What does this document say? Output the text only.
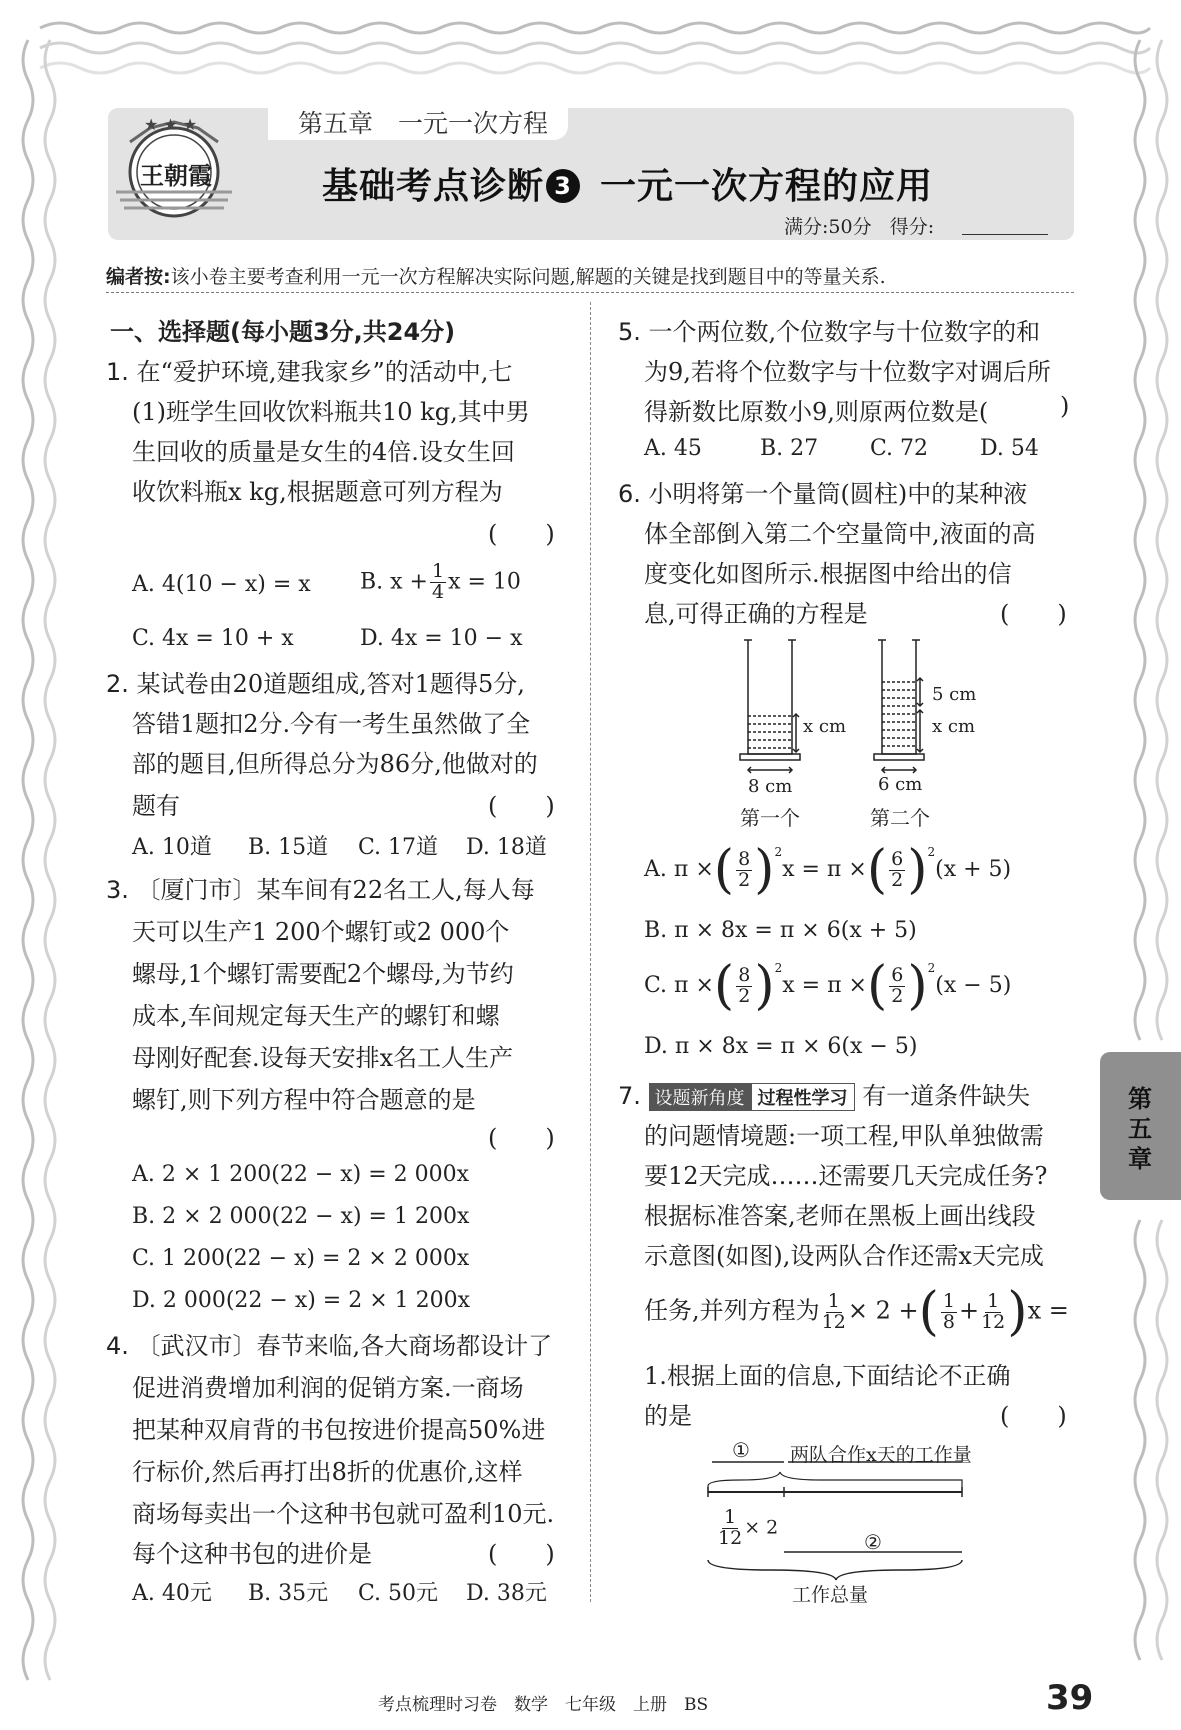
第五章　一元一次方程
★ ★ ★
王朝霞	基础考点诊断 3 一元一次方程的应用
满分:50分 得分:
编者按:该小卷主要考查利用一元一次方程解决实际问题,解题的关键是找到题目中的等量关系.
一、选择题(每小题3分,共24分)
1. 在“爱护环境,建我家乡”的活动中,七
(1)班学生回收饮料瓶共10 kg,其中男
生回收的质量是女生的4倍.设女生回
收饮料瓶x kg,根据题意可列方程为
(　　)
A. 4(10 − x) = x B. $x + \frac{1}{4}$ x = 10
C. 4x = 10 + x	D. 4x = 10 − x
2. 某试卷由20道题组成,答对1题得5分,
答错1题扣2分.今有一考生虽然做了全
部的题目,但所得总分为86分,他做对的
题有	(　　)
A. 10道 B. 15道 C. 17道 D. 18道
3. 〔厦门市〕某车间有22名工人,每人每
天可以生产1 200个螺钉或2 000个
螺母,1个螺钉需要配2个螺母,为节约
成本,车间规定每天生产的螺钉和螺
母刚好配套.设每天安排x名工人生产
螺钉,则下列方程中符合题意的是
(　　)
A. 2 × 1 200(22 − x) = 2 000x
B. 2 × 2 000(22 − x) = 1 200x
C. 1 200(22 − x) = 2 × 2 000x
D. 2 000(22 − x) = 2 × 1 200x
4. 〔武汉市〕春节来临,各大商场都设计了
促进消费增加利润的促销方案.一商场
把某种双肩背的书包按进价提高50%进
行标价,然后再打出8折的优惠价,这样
商场每卖出一个这种书包就可盈利10元.
每个这种书包的进价是	(　　)
A. 40元 B. 35元 C. 50元 D. 38元
5. 一个两位数,个位数字与十位数字的和
为9,若将个位数字与十位数字对调后所
得新数比原数小9,则原两位数是(	)
A. 45	B. 27 C. 72 D. 54
6. 小明将第一个量筒(圆柱)中的某种液
体全部倒入第二个空量筒中,液面的高
度变化如图所示.根据图中给出的信
息,可得正确的方程是	(　　)
x cm
8 cm
第一个
5 cm
x cm
6 cm
第二个
A. π ×( $\frac{8}{2} )^2x = \pi$ ×( $\frac{6}{2} )^2(x + 5)$
B. π × 8x = π × 6(x + 5)
C. π ×( $\frac{8}{2} )^2x = \pi$ ×( $\frac{6}{2} )^2(x - 5)$
D. π × 8x = π × 6(x − 5)
7. 设题新角度 过程性学习 有一道条件缺失
的问题情境题:一项工程,甲队单独做需
要12天完成……还需要几天完成任务?
根据标准答案,老师在黑板上画出线段
示意图(如图),设两队合作还需x天完成
任务,并列方程为 $\frac{1}{12} \times 2$ +( $\frac{1}{8} + \frac{1}{12} )x$ =
1.根据上面的信息,下面结论不正确
的是	(　　)
① 两队合作x天的工作量
$\frac{1}{12} \times 2$
②
工作总量
第五章
考点梳理时习卷　数学　七年级　上册　BS	39
